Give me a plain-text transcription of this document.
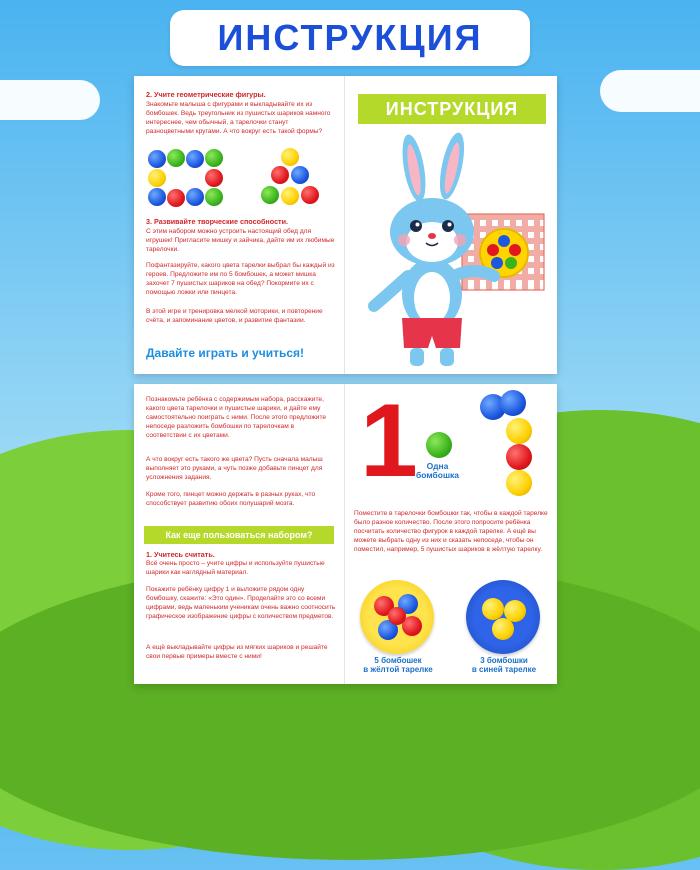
ИНСТРУКЦИЯ
2. Учите геометрические фигуры.
Знакомьте малыша с фигурами и выкладывайте их из бомбошек. Ведь треугольник из пушистых шариков намного интереснее, чем обычный, а тарелочки станут разноцветными кругами. А что вокруг есть такой формы?
3. Развивайте творческие способности.
С этим набором можно устроить настоящий обед для игрушек! Пригласите мишку и зайчика, дайте им их любимые тарелочки.
Пофантазируйте, какого цвета тарелки выбрал бы каждый из героев. Предложите им по 5 бомбошек, а может мишка захочет 7 пушистых шариков на обед? Покормите их с помощью ложки или пинцета.
В этой игре и тренировка мелкой моторики, и повторение счёта, и запоминание цветов, и развитие фантазии.
Давайте играть и учиться!
ИНСТРУКЦИЯ
Познакомьте ребёнка с содержимым набора, расскажите, какого цвета тарелочки и пушистые шарики, и дайте ему самостоятельно поиграть с ними. После этого предложите непоседе разложить бомбошки по тарелочкам в соответствии с их цветами.
А что вокруг есть такого же цвета? Пусть сначала малыш выполняет это руками, а чуть позже добавьте пинцет для усложнения задания.
Кроме того, пинцет можно держать в разных руках, что способствует развитию обоих полушарий мозга.
Как еще пользоваться набором?
1. Учитесь считать.
Всё очень просто – учите цифры и используйте пушистые шарики как наглядный материал.
Покажите ребёнку цифру 1 и выложите рядом одну бомбошку, скажите: «Это один». Проделайте это со всеми цифрами, ведь маленьким ученикам очень важно соотносить графическое изображение цифры с количеством предметов.
А ещё выкладывайте цифры из мягких шариков и решайте свои первые примеры вместе с ними!
1	Одна
бомбошка
Поместите в тарелочки бомбошки так, чтобы в каждой тарелке было разное количество. После этого попросите ребёнка посчитать количество фигурок в каждой тарелке. А ещё вы можете выбрать одну из них и сказать непоседе, чтобы он поместил, например, 5 пушистых шариков в жёлтую тарелку.
5 бомбошек
в жёлтой тарелке
3 бомбошки
в синей тарелке
